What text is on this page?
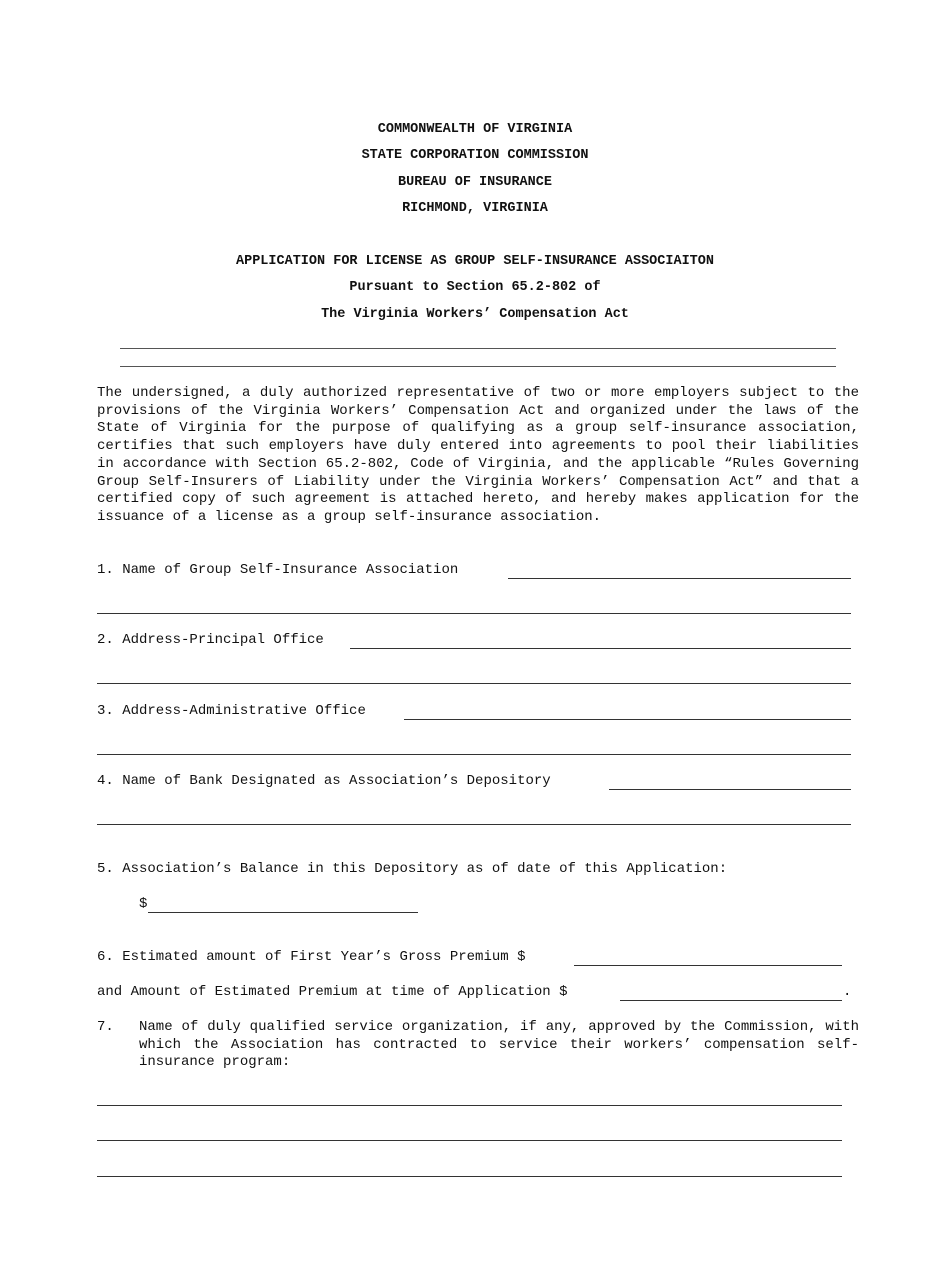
COMMONWEALTH OF VIRGINIA
STATE CORPORATION COMMISSION
BUREAU OF INSURANCE
RICHMOND, VIRGINIA
APPLICATION FOR LICENSE AS GROUP SELF-INSURANCE ASSOCIAITON
Pursuant to Section 65.2-802 of
The Virginia Workers’ Compensation Act
The undersigned, a duly authorized representative of two or more employers subject to the provisions of the Virginia Workers’ Compensation Act and organized under the laws of the State of Virginia for the purpose of qualifying as a group self-insurance association, certifies that such employers have duly entered into agreements to pool their liabilities in accordance with Section 65.2-802, Code of Virginia, and the applicable “Rules Governing Group Self-Insurers of Liability under the Virginia Workers’ Compensation Act” and that a certified copy of such agreement is attached hereto, and hereby makes application for the issuance of a license as a group self-insurance association.
1. Name of Group Self-Insurance Association
2. Address-Principal Office
3. Address-Administrative Office
4. Name of Bank Designated as Association’s Depository
5. Association’s Balance in this Depository as of date of this Application:
$
6. Estimated amount of First Year’s Gross Premium $
and Amount of Estimated Premium at time of Application $	.
7. Name of duly qualified service organization, if any, approved by the Commission, with which the Association has contracted to service their workers’ compensation self-insurance program:
